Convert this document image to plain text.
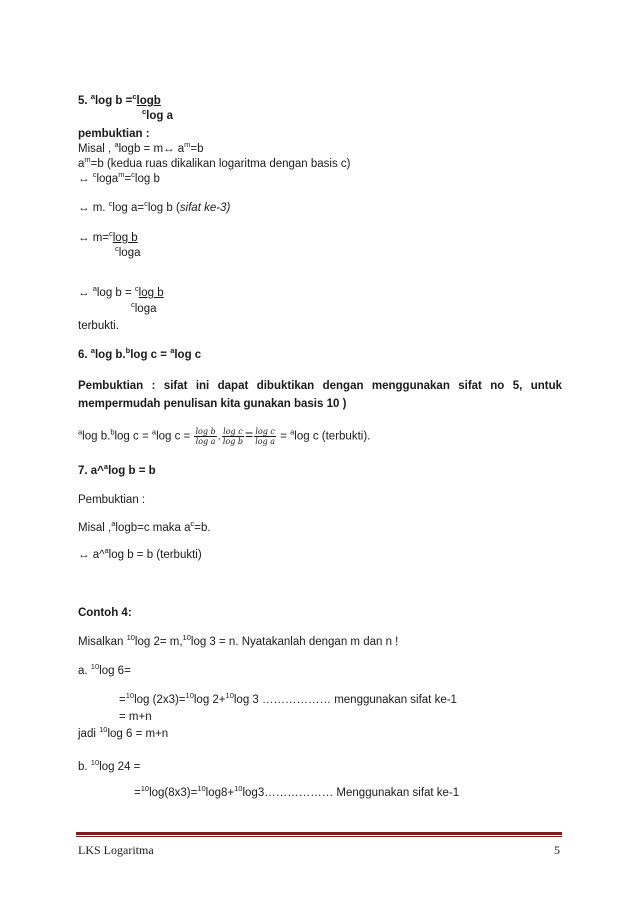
5. $^a$log b =$^c$logb
$^c$log a
pembuktian :
Misal , $^a$logb = m↔ $a^m=b$
$a^m=b$ (kedua ruas dikalikan logaritma dengan basis c)
↔ $^c$loga$^m$=$^c$log b
↔ m. $^c$log a=$^c$log b (sifat ke-3)
↔ m=$^c$log b
$^c$loga
↔ $^a$log b = $^c$log b
$^c$loga
terbukti.
6. $^a$log b.$^b$log c = $^a$log c
Pembuktian : sifat ini dapat dibuktikan dengan menggunakan sifat no 5, untuk mempermudah penulisan kita gunakan basis 10 )
$^a$log b.$^b$log c = $^a$log $c = \frac{\text{log b}}{\text{log a}}$ . $\frac{\text{log c}}{\text{log b}} = \frac{\text{log c}}{\text{log a}} = ^a\log$ c (terbukti).
7. a^$^a$log b = b
Pembuktian :
Misal ,$^a$logb=c maka $a^c=b$.
↔ a^$^a$log b = b (terbukti)
Contoh 4:
Misalkan $^{10}$log 2= m,$^{10}$log 3 = n. Nyatakanlah dengan m dan n !
a. $^{10}$log 6=
=$^{10}$log (2x3)=$^{10}$log 2+$^{10}$log 3 ……………… menggunakan sifat ke-1
= m+n
jadi $^{10}$log 6 = m+n
b. $^{10}$log 24 =
=$^{10}$log(8x3)=$^{10}$log8+$^{10}$log3……………… Menggunakan sifat ke-1
LKS Logaritma	5
